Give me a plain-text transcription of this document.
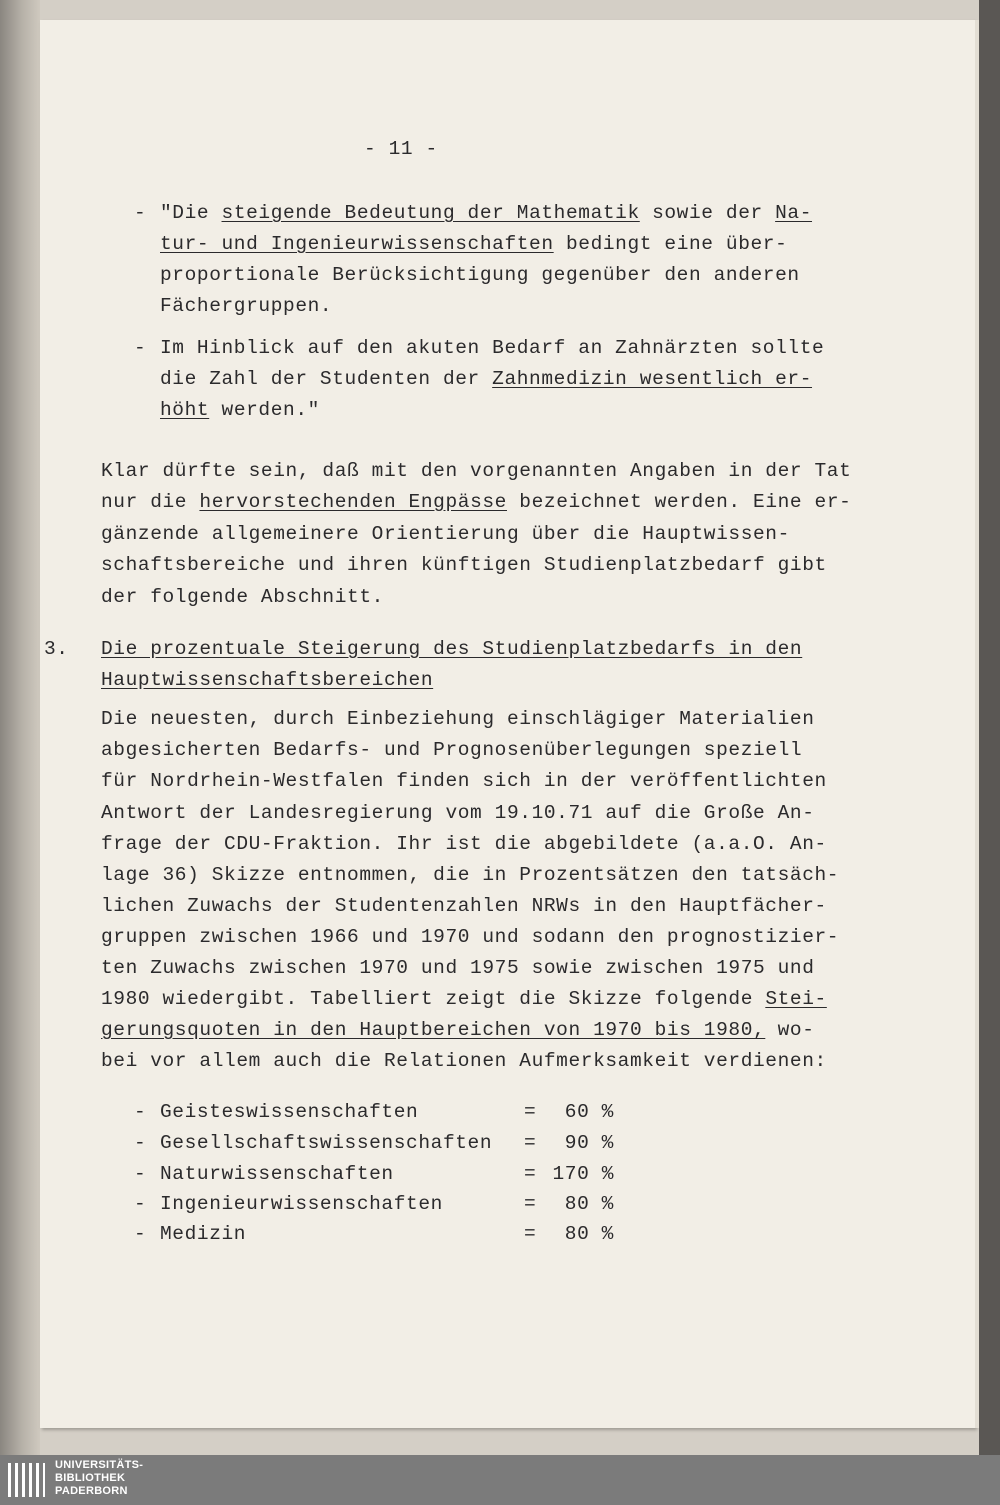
- 11 -
- "Die steigende Bedeutung der Mathematik sowie der Na-
tur- und Ingenieurwissenschaften bedingt eine über-
proportionale Berücksichtigung gegenüber den anderen
Fächergruppen.
- Im Hinblick auf den akuten Bedarf an Zahnärzten sollte
die Zahl der Studenten der Zahnmedizin wesentlich er-
höht werden."
Klar dürfte sein, daß mit den vorgenannten Angaben in der Tat
nur die hervorstechenden Engpässe bezeichnet werden. Eine er-
gänzende allgemeinere Orientierung über die Hauptwissen-
schaftsbereiche und ihren künftigen Studienplatzbedarf gibt
der folgende Abschnitt.
3. Die prozentuale Steigerung des Studienplatzbedarfs in den
Hauptwissenschaftsbereichen
Die neuesten, durch Einbeziehung einschlägiger Materialien
abgesicherten Bedarfs- und Prognosenüberlegungen speziell
für Nordrhein-Westfalen finden sich in der veröffentlichten
Antwort der Landesregierung vom 19.10.71 auf die Große An-
frage der CDU-Fraktion. Ihr ist die abgebildete (a.a.O. An-
lage 36) Skizze entnommen, die in Prozentsätzen den tatsäch-
lichen Zuwachs der Studentenzahlen NRWs in den Hauptfächer-
gruppen zwischen 1966 und 1970 und sodann den prognostizier-
ten Zuwachs zwischen 1970 und 1975 sowie zwischen 1975 und
1980 wiedergibt. Tabelliert zeigt die Skizze folgende Stei-
gerungsquoten in den Hauptbereichen von 1970 bis 1980, wo-
bei vor allem auch die Relationen Aufmerksamkeit verdienen:
- Geisteswissenschaften	= 60 %
- Gesellschaftswissenschaften = 90 %
- Naturwissenschaften	= 170 %
- Ingenieurwissenschaften	= 80 %
- Medizin	= 80 %
UNIVERSITÄTS-
BIBLIOTHEK
PADERBORN
